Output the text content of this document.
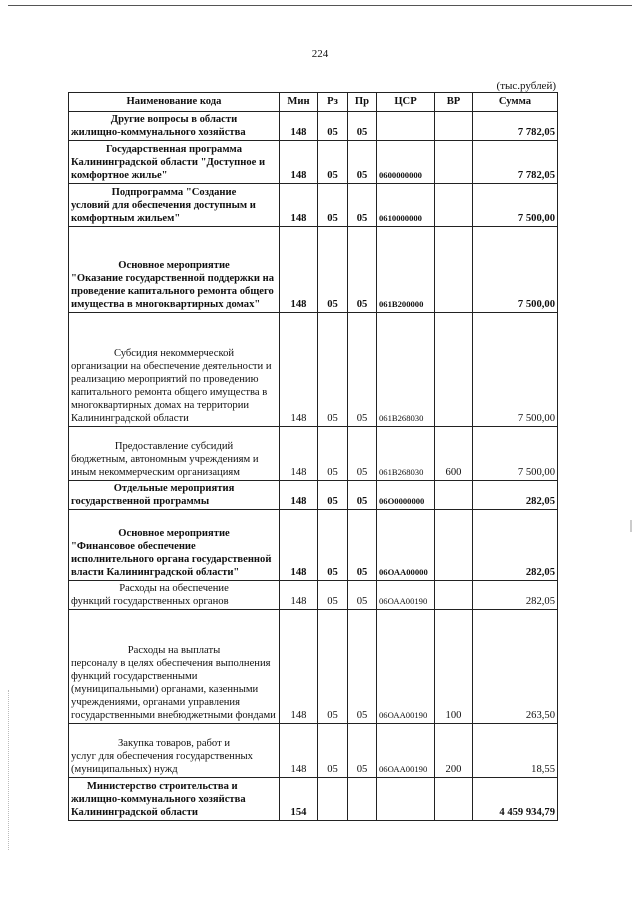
224
(тыс.рублей)
Наименование кода	Мин	Рз	Пр	ЦСР	ВР	Сумма

Другие вопросы в области
жилищно-коммунального хозяйства	148	05	05			7 782,05

Государственная программа
Калининградской области "Доступное и комфортное жилье"	148	05	05	0600000000		7 782,05

Подпрограмма "Создание
условий для обеспечения доступным и комфортным жильем"	148	05	05	0610000000		7 500,00

Основное мероприятие
"Оказание государственной поддержки на проведение капитального ремонта общего имущества в многоквартирных домах"	148	05	05	061В200000		7 500,00

Субсидия некоммерческой
организации на обеспечение деятельности и реализацию мероприятий по проведению капитального ремонта общего имущества в многоквартирных домах на территории Калининградской области	148	05	05	061В268030		7 500,00

Предоставление субсидий
бюджетным, автономным учреждениям и иным некоммерческим организациям	148	05	05	061В268030	600	7 500,00

Отдельные мероприятия
государственной программы	148	05	05	06О0000000		282,05

Основное мероприятие
"Финансовое обеспечение исполнительного органа государственной власти Калининградской области"	148	05	05	06ОАА00000		282,05

Расходы на обеспечение
функций государственных органов	148	05	05	06ОАА00190		282,05

Расходы на выплаты
персоналу в целях обеспечения выполнения функций государственными (муниципальными) органами, казенными учреждениями, органами управления государственными внебюджетными фондами	148	05	05	06ОАА00190	100	263,50

Закупка товаров, работ и
услуг для обеспечения государственных (муниципальных) нужд	148	05	05	06ОАА00190	200	18,55

Министерство строительства и
жилищно-коммунального хозяйства Калининградской области	154					4 459 934,79
